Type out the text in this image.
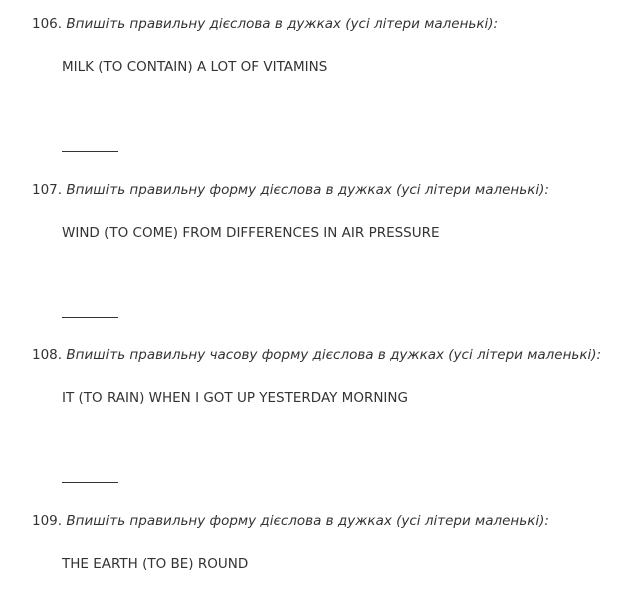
106. Впишіть правильну дієслова в дужках (усі літери маленькі):
MILK (TO CONTAIN) A LOT OF VITAMINS
107. Впишіть правильну форму дієслова в дужках (усі літери маленькі):
WIND (TO COME) FROM DIFFERENCES IN AIR PRESSURE
108. Впишіть правильну часову форму дієслова в дужках (усі літери маленькі):
IT (TO RAIN) WHEN I GOT UP YESTERDAY MORNING
109. Впишіть правильну форму дієслова в дужках (усі літери маленькі):
THE EARTH (TO BE) ROUND
